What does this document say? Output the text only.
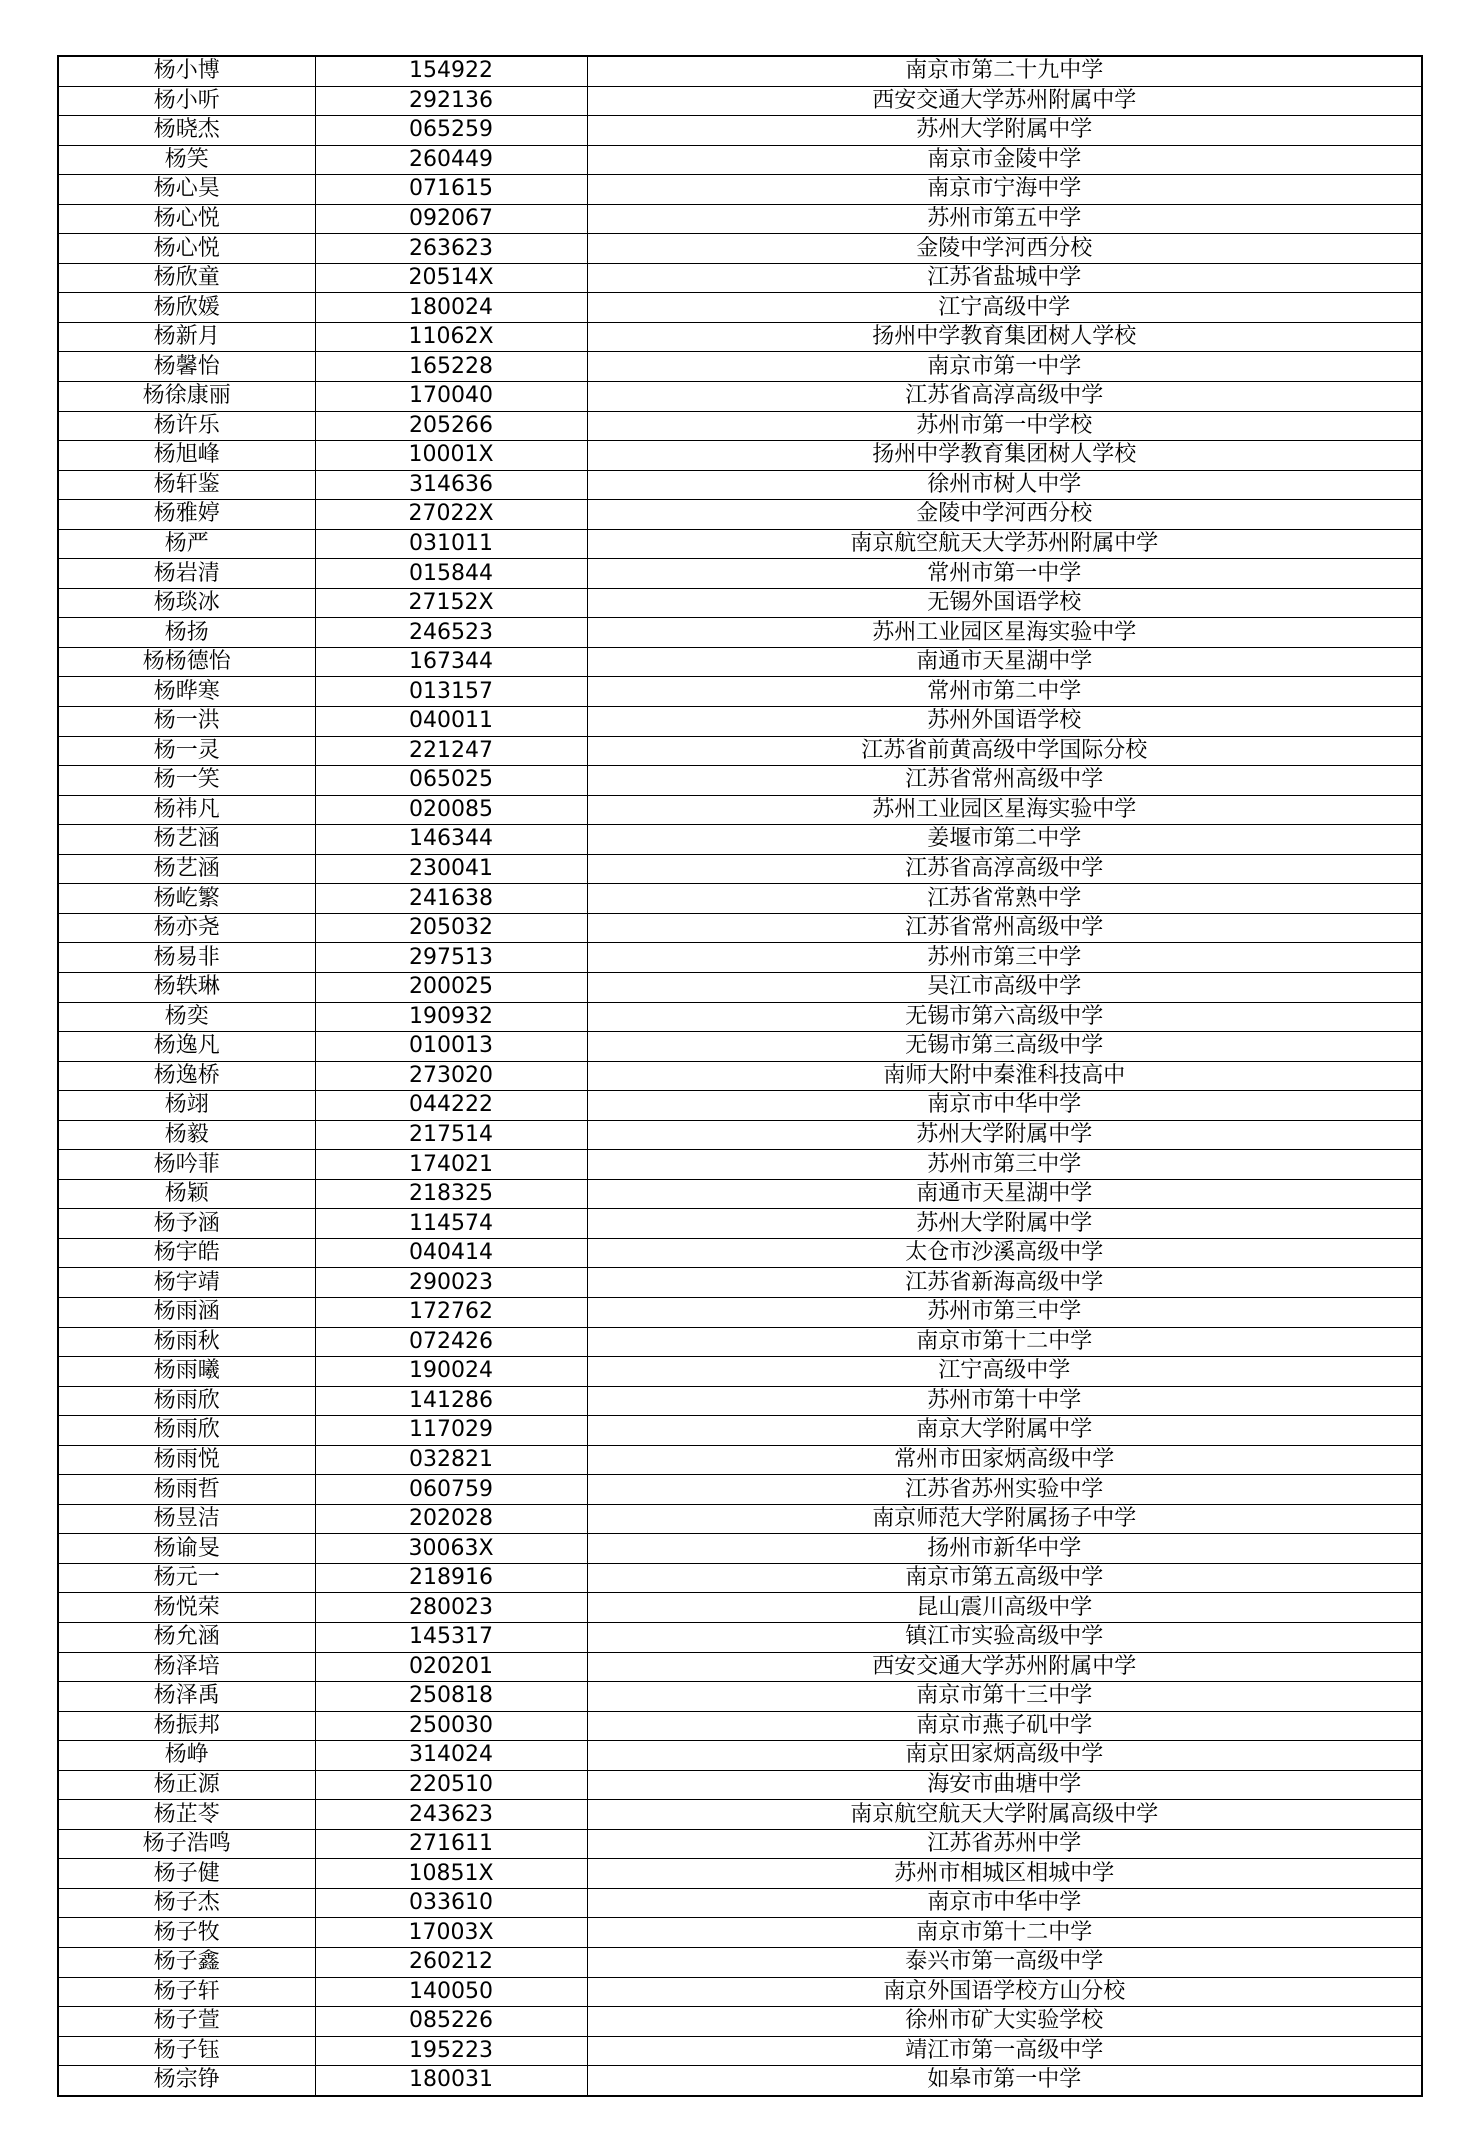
杨小博	154922	南京市第二十九中学
杨小听	292136	西安交通大学苏州附属中学
杨晓杰	065259	苏州大学附属中学
杨笑	260449	南京市金陵中学
杨心昊	071615	南京市宁海中学
杨心悦	092067	苏州市第五中学
杨心悦	263623	金陵中学河西分校
杨欣童	20514X	江苏省盐城中学
杨欣媛	180024	江宁高级中学
杨新月	11062X	扬州中学教育集团树人学校
杨馨怡	165228	南京市第一中学
杨徐康丽	170040	江苏省高淳高级中学
杨许乐	205266	苏州市第一中学校
杨旭峰	10001X	扬州中学教育集团树人学校
杨轩鉴	314636	徐州市树人中学
杨雅婷	27022X	金陵中学河西分校
杨严	031011	南京航空航天大学苏州附属中学
杨岩清	015844	常州市第一中学
杨琰冰	27152X	无锡外国语学校
杨扬	246523	苏州工业园区星海实验中学
杨杨德怡	167344	南通市天星湖中学
杨晔寒	013157	常州市第二中学
杨一洪	040011	苏州外国语学校
杨一灵	221247	江苏省前黄高级中学国际分校
杨一笑	065025	江苏省常州高级中学
杨祎凡	020085	苏州工业园区星海实验中学
杨艺涵	146344	姜堰市第二中学
杨艺涵	230041	江苏省高淳高级中学
杨屹繁	241638	江苏省常熟中学
杨亦尧	205032	江苏省常州高级中学
杨易非	297513	苏州市第三中学
杨轶琳	200025	吴江市高级中学
杨奕	190932	无锡市第六高级中学
杨逸凡	010013	无锡市第三高级中学
杨逸桥	273020	南师大附中秦淮科技高中
杨翊	044222	南京市中华中学
杨毅	217514	苏州大学附属中学
杨吟菲	174021	苏州市第三中学
杨颖	218325	南通市天星湖中学
杨予涵	114574	苏州大学附属中学
杨宇皓	040414	太仓市沙溪高级中学
杨宇靖	290023	江苏省新海高级中学
杨雨涵	172762	苏州市第三中学
杨雨秋	072426	南京市第十二中学
杨雨曦	190024	江宁高级中学
杨雨欣	141286	苏州市第十中学
杨雨欣	117029	南京大学附属中学
杨雨悦	032821	常州市田家炳高级中学
杨雨哲	060759	江苏省苏州实验中学
杨昱洁	202028	南京师范大学附属扬子中学
杨谕旻	30063X	扬州市新华中学
杨元一	218916	南京市第五高级中学
杨悦荣	280023	昆山震川高级中学
杨允涵	145317	镇江市实验高级中学
杨泽培	020201	西安交通大学苏州附属中学
杨泽禹	250818	南京市第十三中学
杨振邦	250030	南京市燕子矶中学
杨峥	314024	南京田家炳高级中学
杨正源	220510	海安市曲塘中学
杨芷苓	243623	南京航空航天大学附属高级中学
杨子浩鸣	271611	江苏省苏州中学
杨子健	10851X	苏州市相城区相城中学
杨子杰	033610	南京市中华中学
杨子牧	17003X	南京市第十二中学
杨子鑫	260212	泰兴市第一高级中学
杨子轩	140050	南京外国语学校方山分校
杨子萱	085226	徐州市矿大实验学校
杨子钰	195223	靖江市第一高级中学
杨宗铮	180031	如皋市第一中学
